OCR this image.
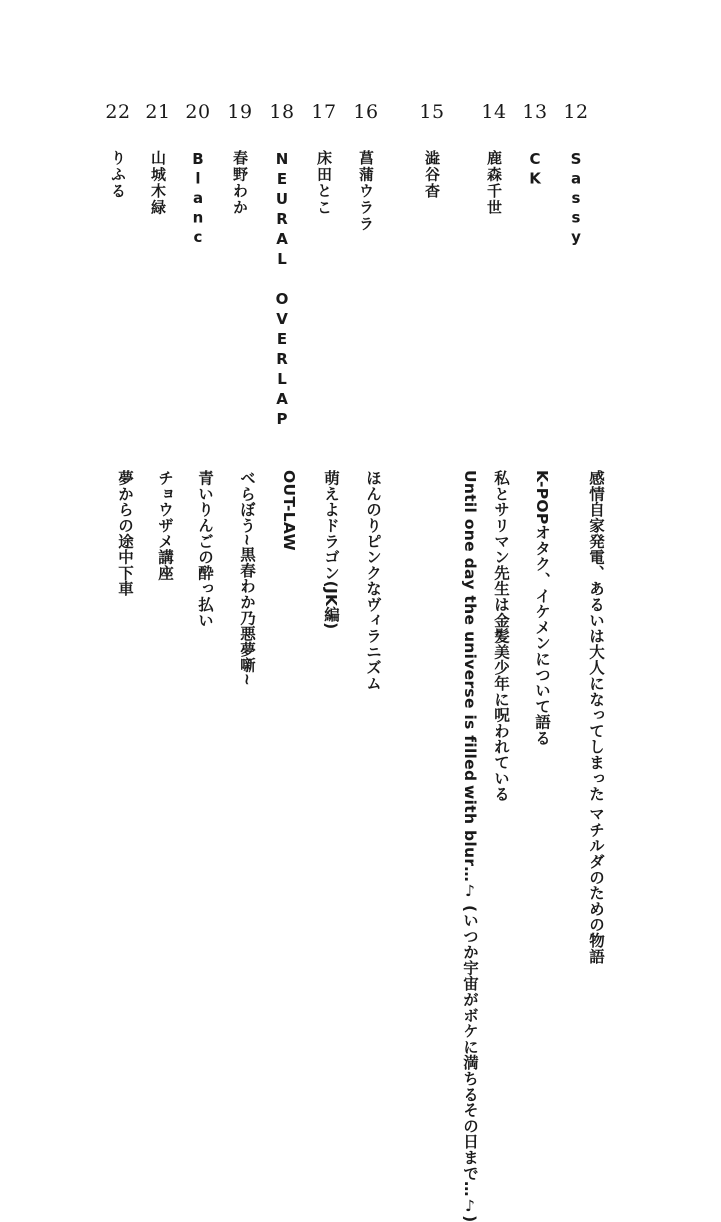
12
Sassy
感情自家発電、あるいは大人になってしまった
マチルダのための物語
13
CK
K-POPオタク、イケメンについて語る
14
鹿森千世
私とサリマン先生は金髪美少年に呪われている
15
澁谷杳
Until one day the universe is filled
with blur…♪
(いつか宇宙がボケに満ちるその日まで…♪)
16
菖蒲ウララ
ほんのりピンクなヴィラニズム
17
床田とこ
萌えよドラゴン(JK編)
18
NEURAL OVERLAP
OUT-LAW
19
春野わか
べらぼう~黒春わか乃悪夢噺~
20
Blanc
青いりんごの酔っ払い
21
山城木緑
チョウザメ講座
22
りふる
夢からの途中下車
